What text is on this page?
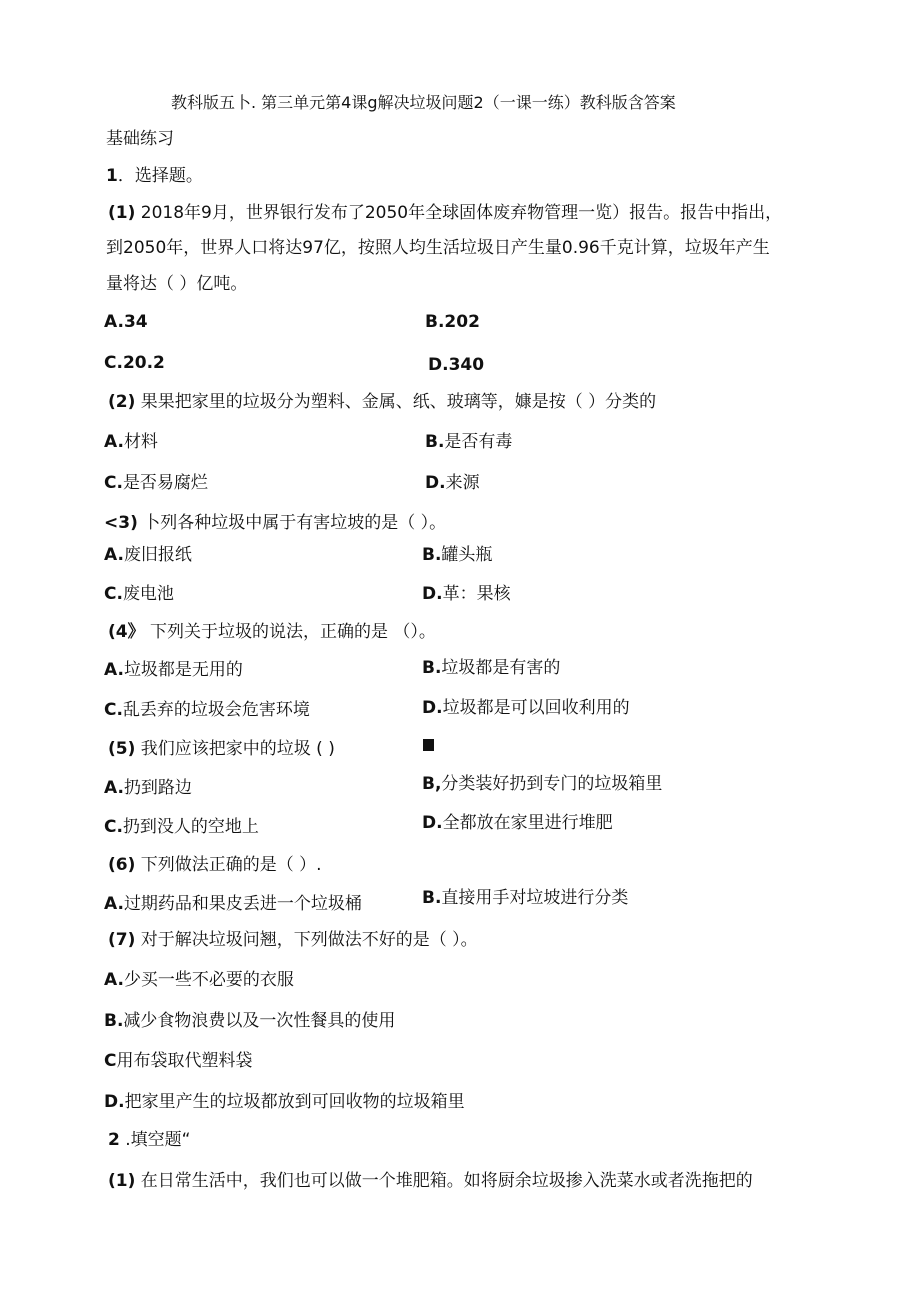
教科版五卜. 第三单元第4课g解决垃圾问题2（一课一练）教科版含答案
基础练习
1．选择题。
(1) 2018年9月，世界银行发布了2050年全球固体废弃物管理一览）报告。报告中指出，
到2050年，世界人口将达97亿，按照人均生活垃圾日产生量0.96千克计算，垃圾年产生
量将达（ ）亿吨。
A.34	B.202
C.20.2	D.340
(2) 果果把家里的垃圾分为塑料、金属、纸、玻璃等，嫝是按（ ）分类的
A.材料	B.是否有毒
C.是否易腐烂	D.来源
<3) 卜列各种垃圾中属于有害垃坡的是（ ）。
A.废旧报纸	B.罐头瓶
C.废电池	D.革：果核
(4》 下列关于垃圾的说法，正确的是 （）。
A.垃圾都是无用的	B.垃圾都是有害的
C.乱丢弃的垃圾会危害环境	D.垃圾都是可以回收利用的
(5) 我们应该把家中的垃圾 ( )
A.扔到路边	B,分类装好扔到专门的垃圾箱里
C.扔到没人的空地上	D.全都放在家里进行堆肥
(6) 下列做法正确的是（ ）.
A.过期药品和果皮丢进一个垃圾桶	B.直接用手对垃坡进行分类
(7) 对于解决垃圾问翘，下列做法不好的是（ ）。
A.少买一些不必要的衣服
B.减少食物浪费以及一次性餐具的使用
C用布袋取代塑料袋
D.把家里产生的垃圾都放到可回收物的垃圾箱里
2 .填空题“
(1) 在日常生活中，我们也可以做一个堆肥箱。如将厨余垃圾掺入洗菜水或者洗拖把的
